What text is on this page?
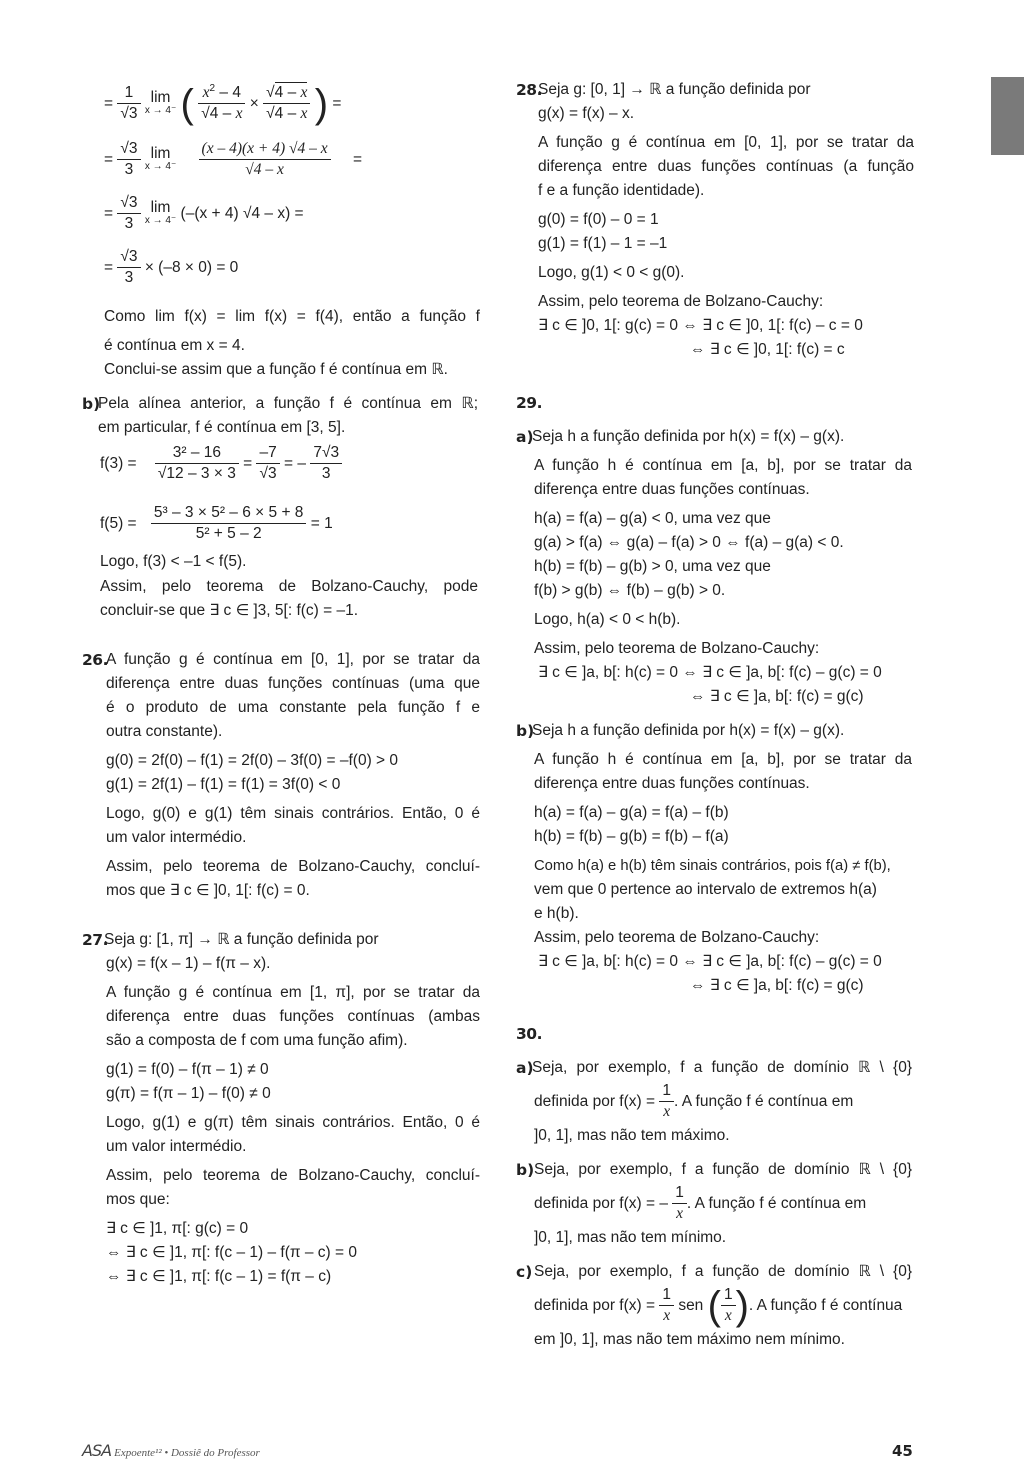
= $\frac{1}{√3}$ lim
x → 4⁻ ( $\frac{x^2 - 4}{√4 - x} \times \frac{√4 - x}{√4 - x}$ ) =
= $\frac{√3}{3}$ lim
x → 4⁻
$\frac{(x - 4)(x + 4) √4 - x}{√4 - x}$ =
= $\frac{√3}{3}$ lim
x → 4⁻ (–(x + 4) √4 – x) =
= $\frac{√3}{3} \times (-8 \times 0) = 0$
Como lim f(x) = lim f(x) = f(4), então a função f
é contínua em x = 4.
Conclui-se assim que a função f é contínua em ℝ.
b)
Pela alínea anterior, a função f é contínua em ℝ;
em particular, f é contínua em [3, 5].
$f(3) = \frac{\text{3² – 16}}{√12 - 3 \times 3} = \frac{-7}{√3}$ = – $\frac{7√3}{3}$
$f(5) = \frac{\text{5³ – 3 × 5² – 6 × 5 + 8}}{\text{5² + 5 – 2}} = 1$
Logo, f(3) < –1 < f(5).
Assim, pelo teorema de Bolzano-Cauchy, pode
concluir-se que ∃ c ∈ ]3, 5[: f(c) = –1.
26.
A função g é contínua em [0, 1], por se tratar da
diferença entre duas funções contínuas (uma que
é o produto de uma constante pela função f e
outra constante).
g(0) = 2f(0) – f(1) = 2f(0) – 3f(0) = –f(0) > 0
g(1) = 2f(1) – f(1) = f(1) = 3f(0) < 0
Logo, g(0) e g(1) têm sinais contrários. Então, 0 é
um valor intermédio.
Assim, pelo teorema de Bolzano-Cauchy, concluí-
mos que ∃ c ∈ ]0, 1[: f(c) = 0.
27.
Seja g: [1, π] → ℝ a função definida por
g(x) = f(x – 1) – f(π – x).
A função g é contínua em [1, π], por se tratar da
diferença entre duas funções contínuas (ambas
são a composta de f com uma função afim).
g(1) = f(0) – f(π – 1) ≠ 0
g(π) = f(π – 1) – f(0) ≠ 0
Logo, g(1) e g(π) têm sinais contrários. Então, 0 é
um valor intermédio.
Assim, pelo teorema de Bolzano-Cauchy, concluí-
mos que:
∃ c ∈ ]1, π[: g(c) = 0
⇔ ∃ c ∈ ]1, π[: f(c – 1) – f(π – c) = 0
⇔ ∃ c ∈ ]1, π[: f(c – 1) = f(π – c)
28.
Seja g: [0, 1] → ℝ a função definida por
g(x) = f(x) – x.
A função g é contínua em [0, 1], por se tratar da
diferença entre duas funções contínuas (a função
f e a função identidade).
g(0) = f(0) – 0 = 1
g(1) = f(1) – 1 = –1
Logo, g(1) < 0 < g(0).
Assim, pelo teorema de Bolzano-Cauchy:
∃ c ∈ ]0, 1[: g(c) = 0 ⇔ ∃ c ∈ ]0, 1[: f(c) – c = 0
⇔ ∃ c ∈ ]0, 1[: f(c) = c
29.
a)
Seja h a função definida por h(x) = f(x) – g(x).
A função h é contínua em [a, b], por se tratar da
diferença entre duas funções contínuas.
h(a) = f(a) – g(a) < 0, uma vez que
g(a) > f(a) ⇔ g(a) – f(a) > 0 ⇔ f(a) – g(a) < 0.
h(b) = f(b) – g(b) > 0, uma vez que
f(b) > g(b) ⇔ f(b) – g(b) > 0.
Logo, h(a) < 0 < h(b).
Assim, pelo teorema de Bolzano-Cauchy:
∃ c ∈ ]a, b[: h(c) = 0 ⇔ ∃ c ∈ ]a, b[: f(c) – g(c) = 0
⇔ ∃ c ∈ ]a, b[: f(c) = g(c)
b)
Seja h a função definida por h(x) = f(x) – g(x).
A função h é contínua em [a, b], por se tratar da
diferença entre duas funções contínuas.
h(a) = f(a) – g(a) = f(a) – f(b)
h(b) = f(b) – g(b) = f(b) – f(a)
Como h(a) e h(b) têm sinais contrários, pois f(a) ≠ f(b),
vem que 0 pertence ao intervalo de extremos h(a)
e h(b).
Assim, pelo teorema de Bolzano-Cauchy:
∃ c ∈ ]a, b[: h(c) = 0 ⇔ ∃ c ∈ ]a, b[: f(c) – g(c) = 0
⇔ ∃ c ∈ ]a, b[: f(c) = g(c)
30.
a)
Seja, por exemplo, f a função de domínio ℝ \ {0}
definida por $f(x) = \frac{1}{x}$ . A função f é contínua em
]0, 1], mas não tem máximo.
b) Seja, por exemplo, f a função de domínio ℝ \ {0}
definida por f(x) = – $\frac{1}{x}$ . A função f é contínua em
]0, 1], mas não tem mínimo.
c) Seja, por exemplo, f a função de domínio ℝ \ {0}
definida por $f(x) = \frac{1}{x}$ sen ( $\frac{1}{x}$ ). A função f é contínua
em ]0, 1], mas não tem máximo nem mínimo.
ASA Expoente¹² • Dossiê do Professor	45
